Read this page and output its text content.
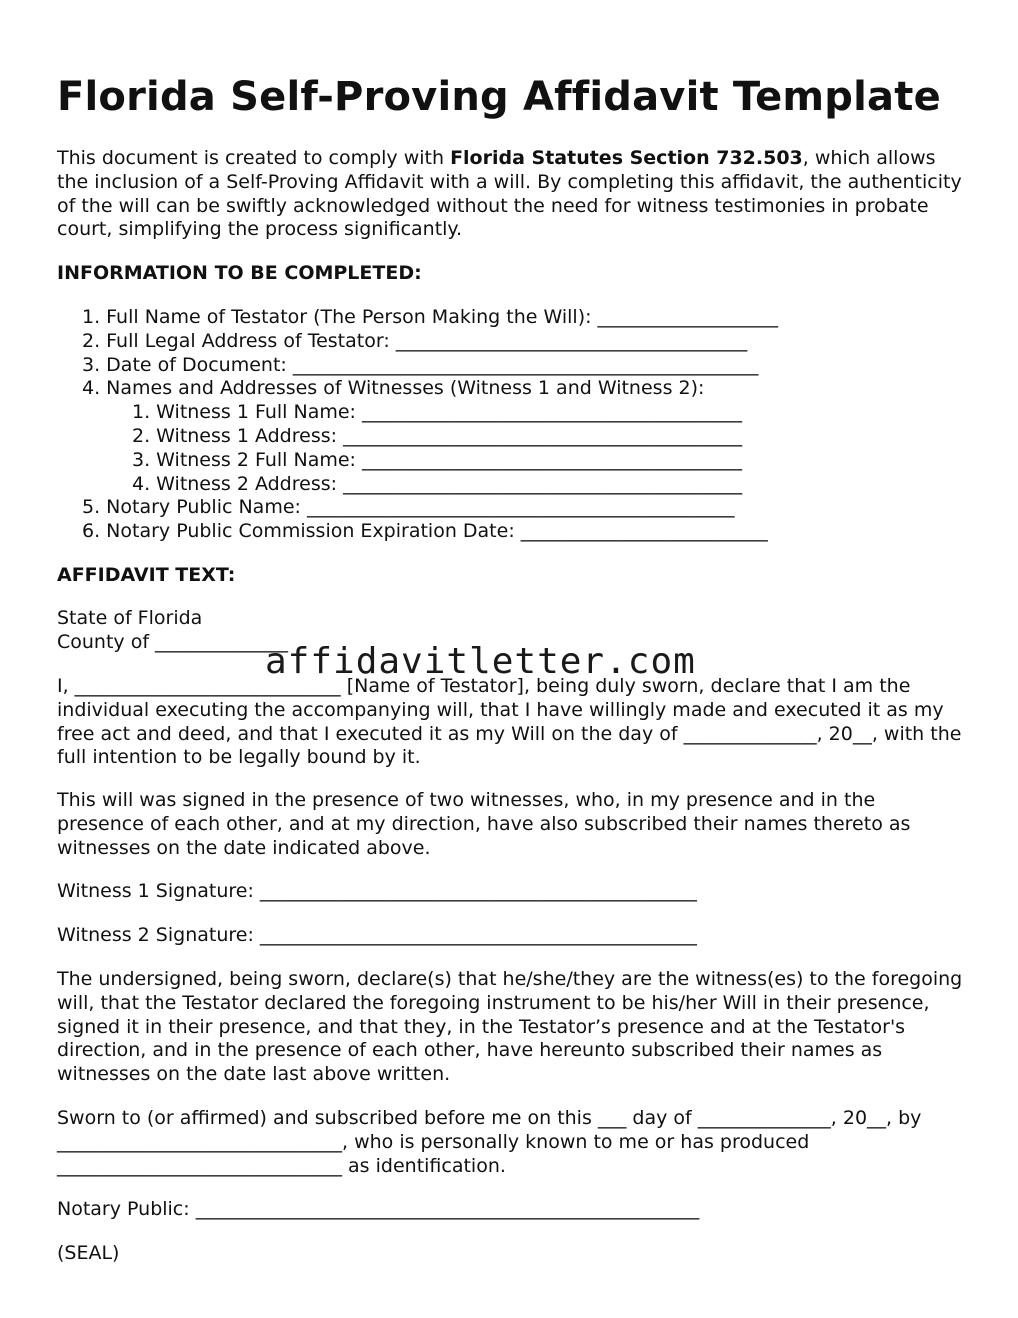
Florida Self-Proving Affidavit Template

This document is created to comply with Florida Statutes Section 732.503, which allows the inclusion of a Self-Proving Affidavit with a will. By completing this affidavit, the authenticity of the will can be swiftly acknowledged without the need for witness testimonies in probate court, simplifying the process significantly.

INFORMATION TO BE COMPLETED:

1. Full Name of Testator (The Person Making the Will): ___________________
2. Full Legal Address of Testator: _____________________________________
3. Date of Document: _________________________________________________
4. Names and Addresses of Witnesses (Witness 1 and Witness 2):
1. Witness 1 Full Name: ________________________________________
2. Witness 1 Address: __________________________________________
3. Witness 2 Full Name: ________________________________________
4. Witness 2 Address: __________________________________________
5. Notary Public Name: _____________________________________________
6. Notary Public Commission Expiration Date: __________________________

AFFIDAVIT TEXT:

State of Florida
County of ______________

I, ____________________________ [Name of Testator], being duly sworn, declare that I am the individual executing the accompanying will, that I have willingly made and executed it as my free act and deed, and that I executed it as my Will on the day of ______________, 20__, with the full intention to be legally bound by it.

This will was signed in the presence of two witnesses, who, in my presence and in the presence of each other, and at my direction, have also subscribed their names thereto as witnesses on the date indicated above.

Witness 1 Signature: ______________________________________________

Witness 2 Signature: ______________________________________________

The undersigned, being sworn, declare(s) that he/she/they are the witness(es) to the foregoing will, that the Testator declared the foregoing instrument to be his/her Will in their presence, signed it in their presence, and that they, in the Testator’s presence and at the Testator's direction, and in the presence of each other, have hereunto subscribed their names as witnesses on the date last above written.

Sworn to (or affirmed) and subscribed before me on this ___ day of ______________, 20__, by ______________________________, who is personally known to me or has produced ______________________________ as identification.

Notary Public: _____________________________________________________

(SEAL)

affidavitletter.com
